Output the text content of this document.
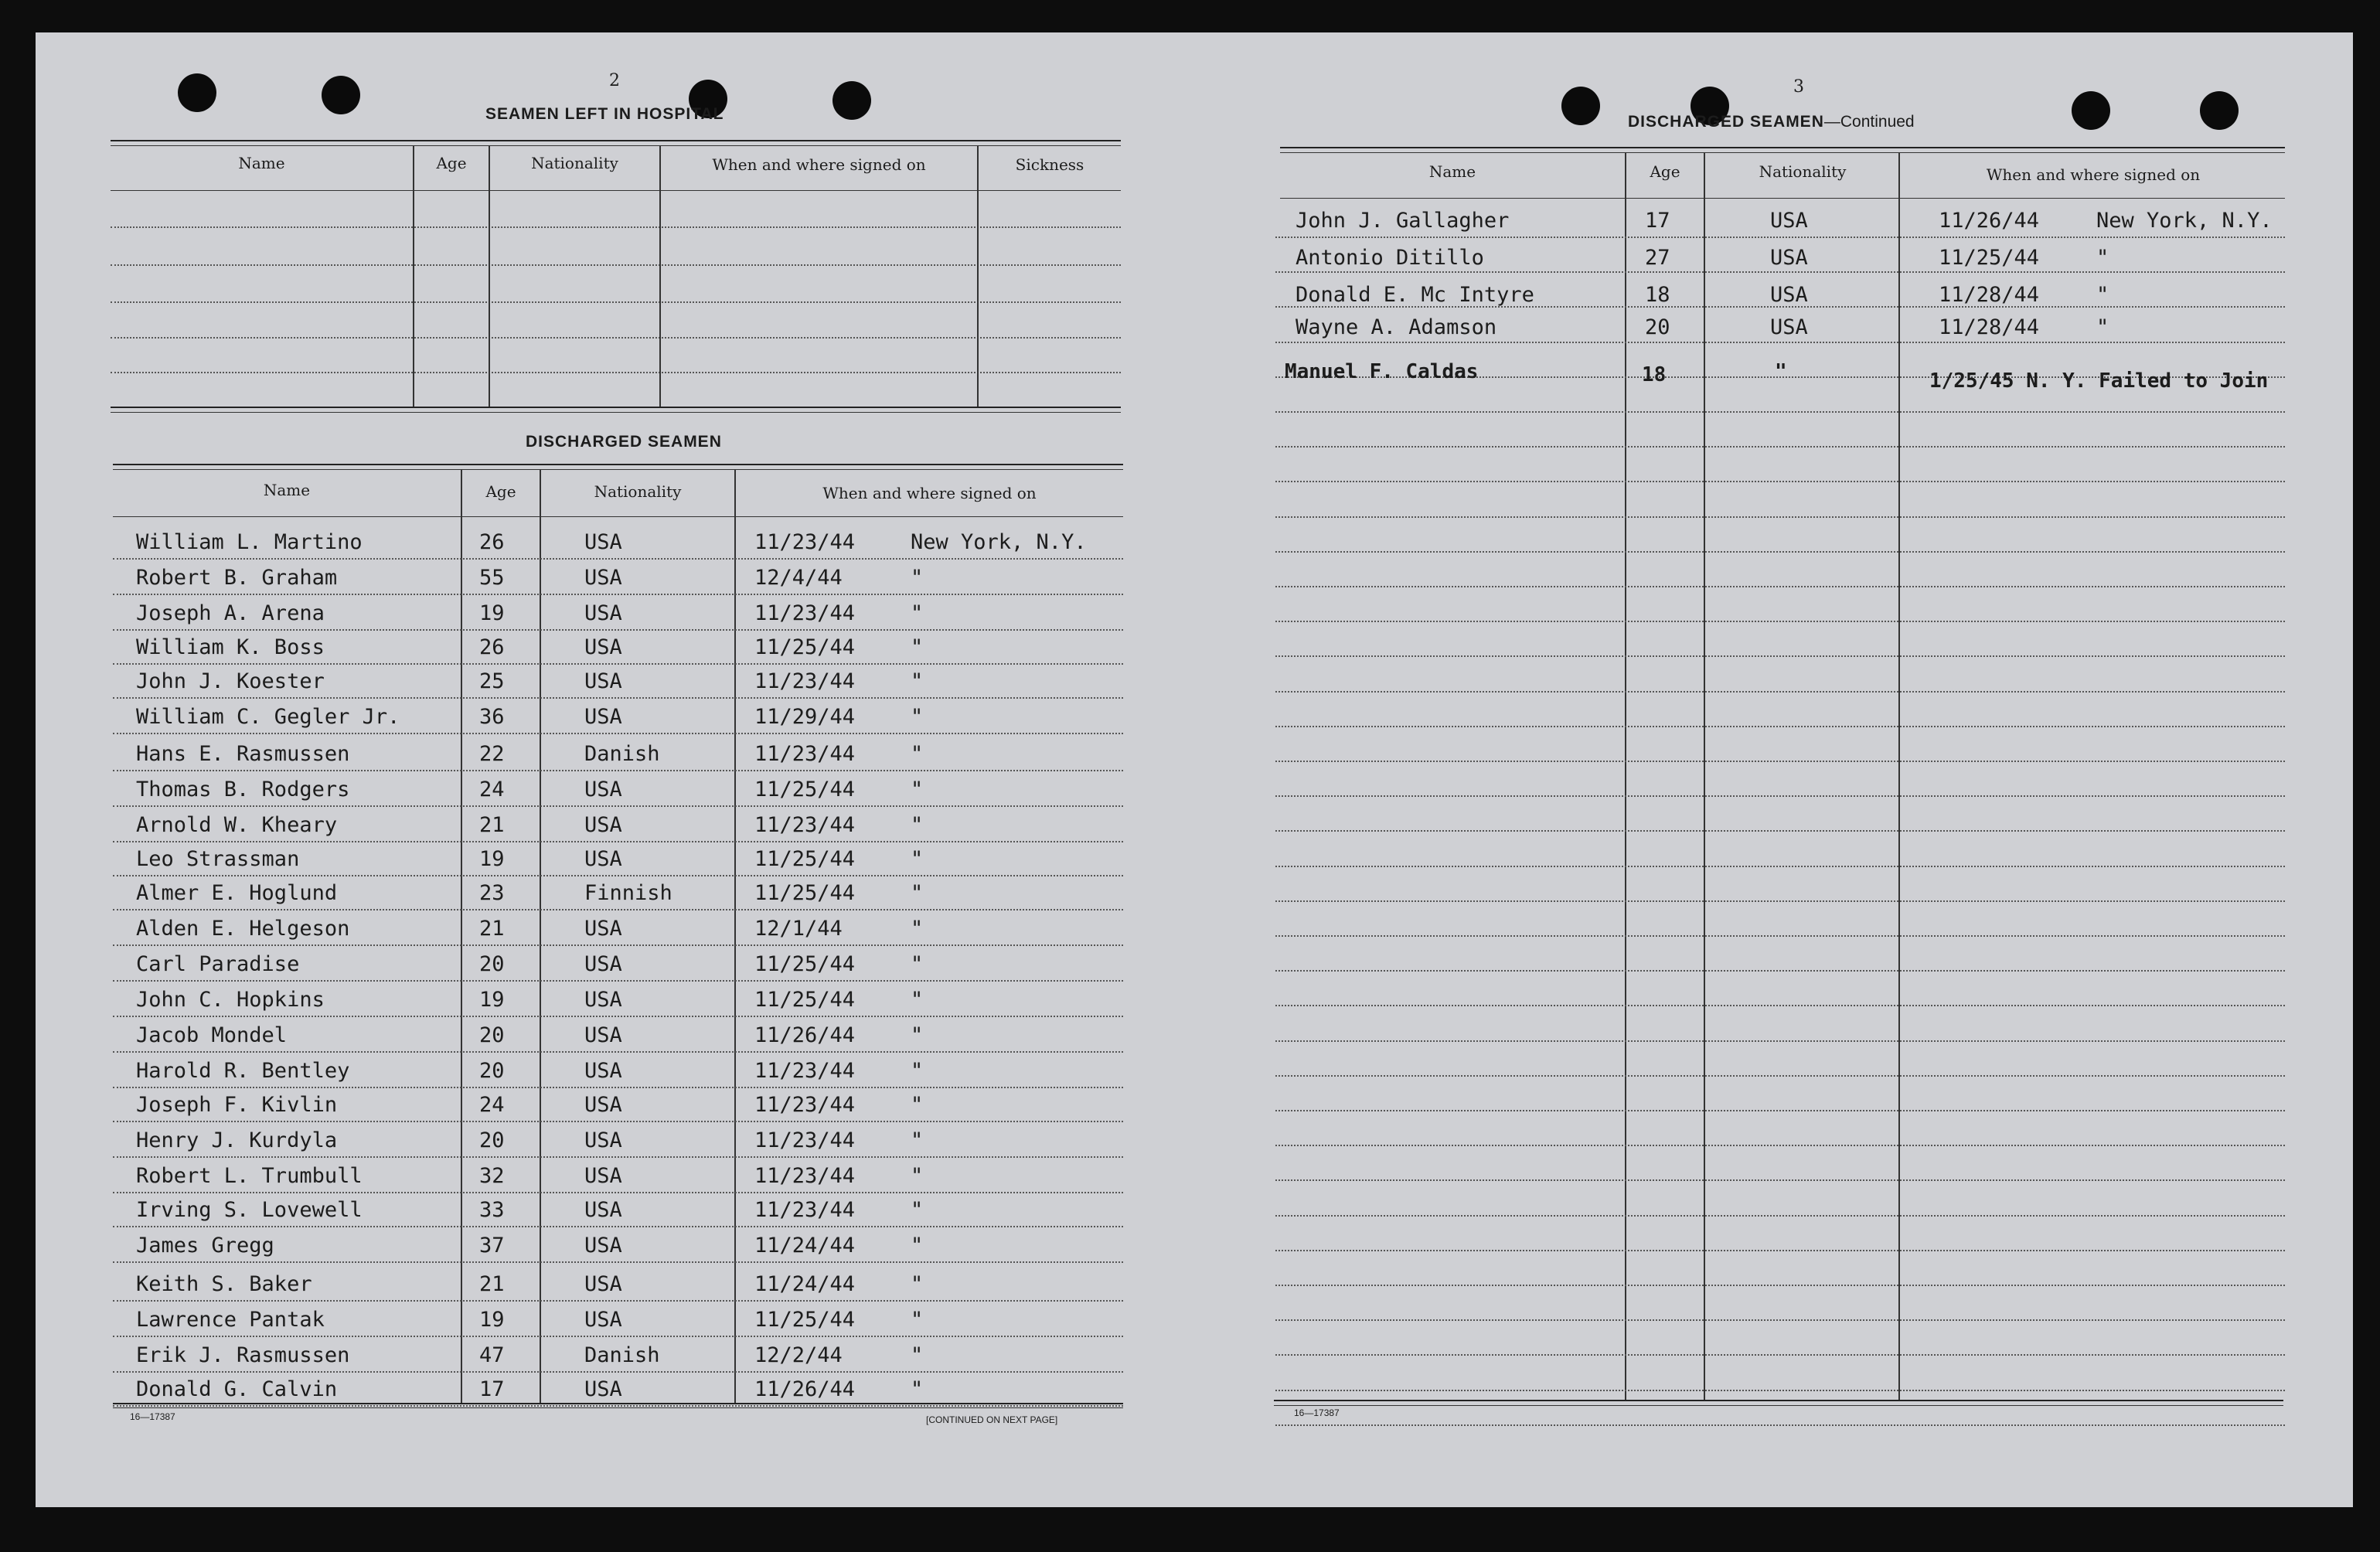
2
SEAMEN LEFT IN HOSPITAL
Name	Age	Nationality	When and where signed on	Sickness
DISCHARGED SEAMEN
Name	Age	Nationality	When and where signed on
William L. Martino	26	USA	11/23/44	New York, N.Y.
Robert B. Graham	55	USA	12/4/44	"
Joseph A. Arena	19	USA	11/23/44	"
William K. Boss	26	USA	11/25/44	"
John J. Koester	25	USA	11/23/44	"
William C. Gegler Jr.	36	USA	11/29/44	"
Hans E. Rasmussen	22	Danish	11/23/44	"
Thomas B. Rodgers	24	USA	11/25/44	"
Arnold W. Kheary	21	USA	11/23/44	"
Leo Strassman	19	USA	11/25/44	"
Almer E. Hoglund	23	Finnish	11/25/44	"
Alden E. Helgeson	21	USA	12/1/44	"
Carl Paradise	20	USA	11/25/44	"
John C. Hopkins	19	USA	11/25/44	"
Jacob Mondel	20	USA	11/26/44	"
Harold R. Bentley	20	USA	11/23/44	"
Joseph F. Kivlin	24	USA	11/23/44	"
Henry J. Kurdyla	20	USA	11/23/44	"
Robert L. Trumbull	32	USA	11/23/44	"
Irving S. Lovewell	33	USA	11/23/44	"
James Gregg	37	USA	11/24/44	"
Keith S. Baker	21	USA	11/24/44	"
Lawrence Pantak	19	USA	11/25/44	"
Erik J. Rasmussen	47	Danish	12/2/44	"
Donald G. Calvin	17	USA	11/26/44	"
16—17387	[CONTINUED ON NEXT PAGE]
3
DISCHARGED SEAMEN—Continued
Name	Age	Nationality	When and where signed on
John J. Gallagher	17	USA	11/26/44	New York, N.Y.
Antonio Ditillo	27	USA	11/25/44	"
Donald E. Mc Intyre	18	USA	11/28/44	"
Wayne A. Adamson	20	USA	11/28/44	"
Manuel F. Caldas	18	"	1/25/45 N. Y. Failed to Join
16—17387
